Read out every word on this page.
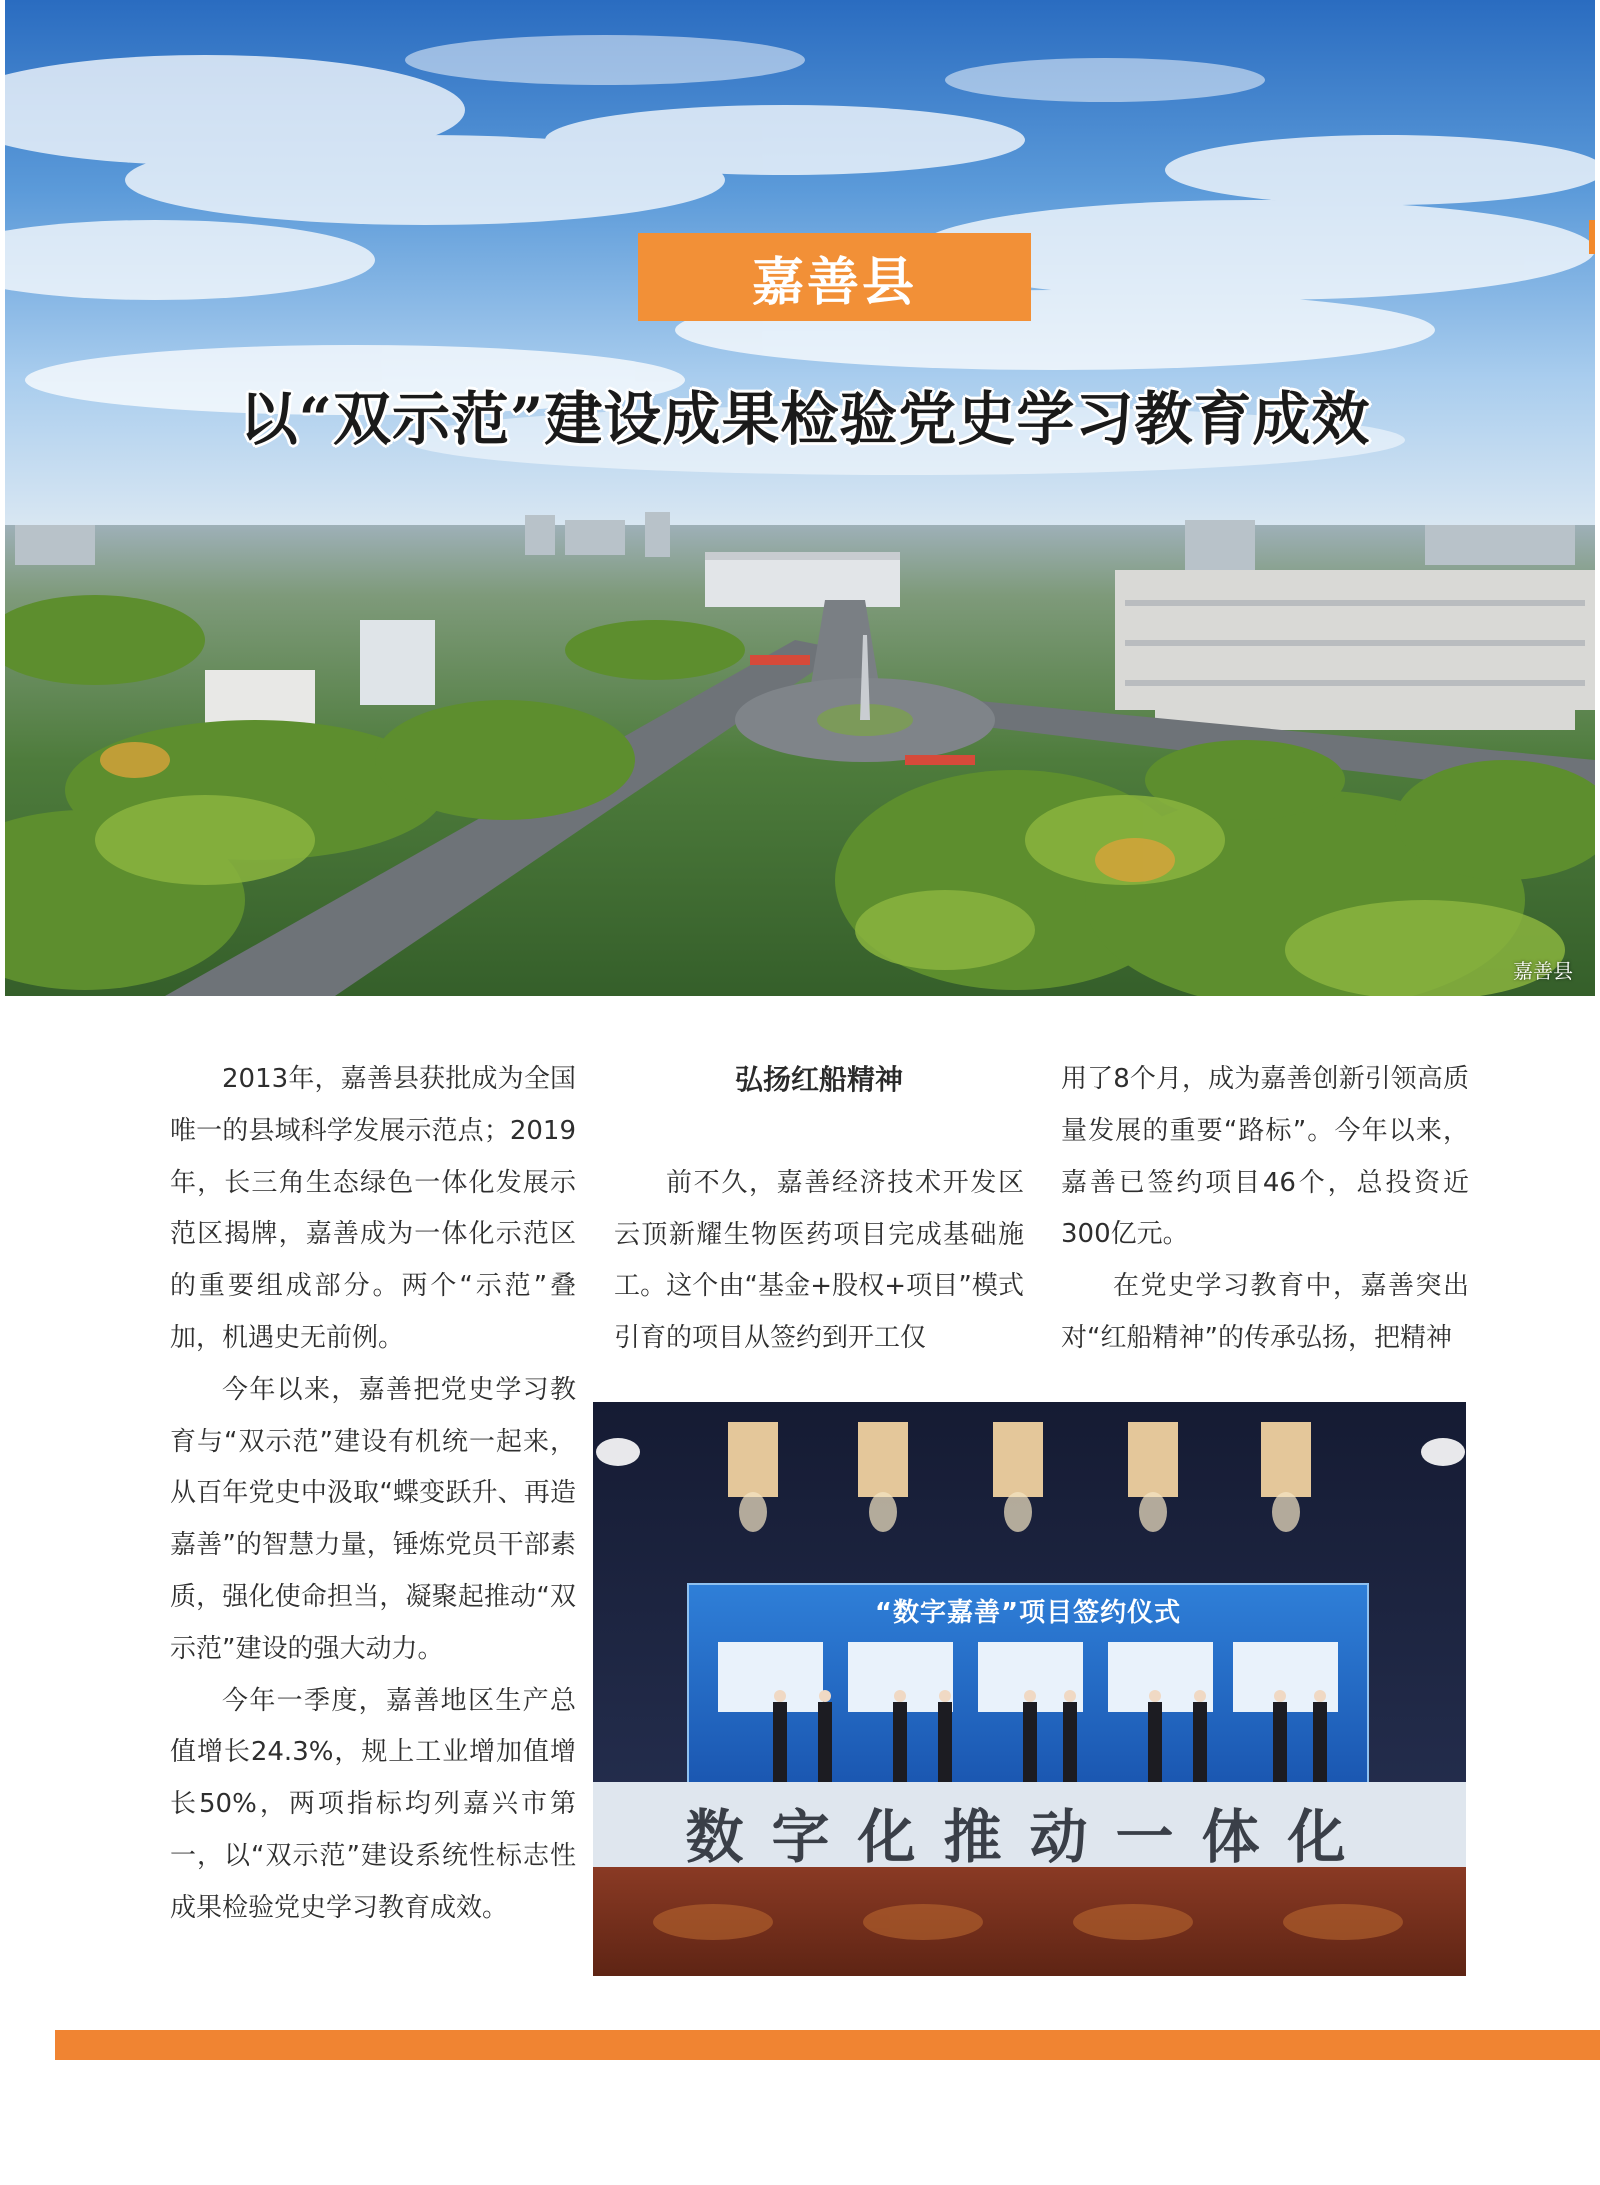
嘉善县
以“双示范”建设成果检验党史学习教育成效
嘉善县

2013年，嘉善县获批成为全国唯一的县域科学发展示范点；2019年，长三角生态绿色一体化发展示范区揭牌，嘉善成为一体化示范区的重要组成部分。两个“示范”叠加，机遇史无前例。

今年以来，嘉善把党史学习教育与“双示范”建设有机统一起来，从百年党史中汲取“蝶变跃升、再造嘉善”的智慧力量，锤炼党员干部素质，强化使命担当，凝聚起推动“双示范”建设的强大动力。

今年一季度，嘉善地区生产总值增长24.3%，规上工业增加值增长50%，两项指标均列嘉兴市第一，以“双示范”建设系统性标志性成果检验党史学习教育成效。

弘扬红船精神

前不久，嘉善经济技术开发区云顶新耀生物医药项目完成基础施工。这个由“基金+股权+项目”模式引育的项目从签约到开工仅

用了8个月，成为嘉善创新引领高质量发展的重要“路标”。今年以来，嘉善已签约项目46个，总投资近300亿元。

在党史学习教育中，嘉善突出对“红船精神”的传承弘扬，把精神

“数字嘉善”项目签约仪式
数字化推动一体化
